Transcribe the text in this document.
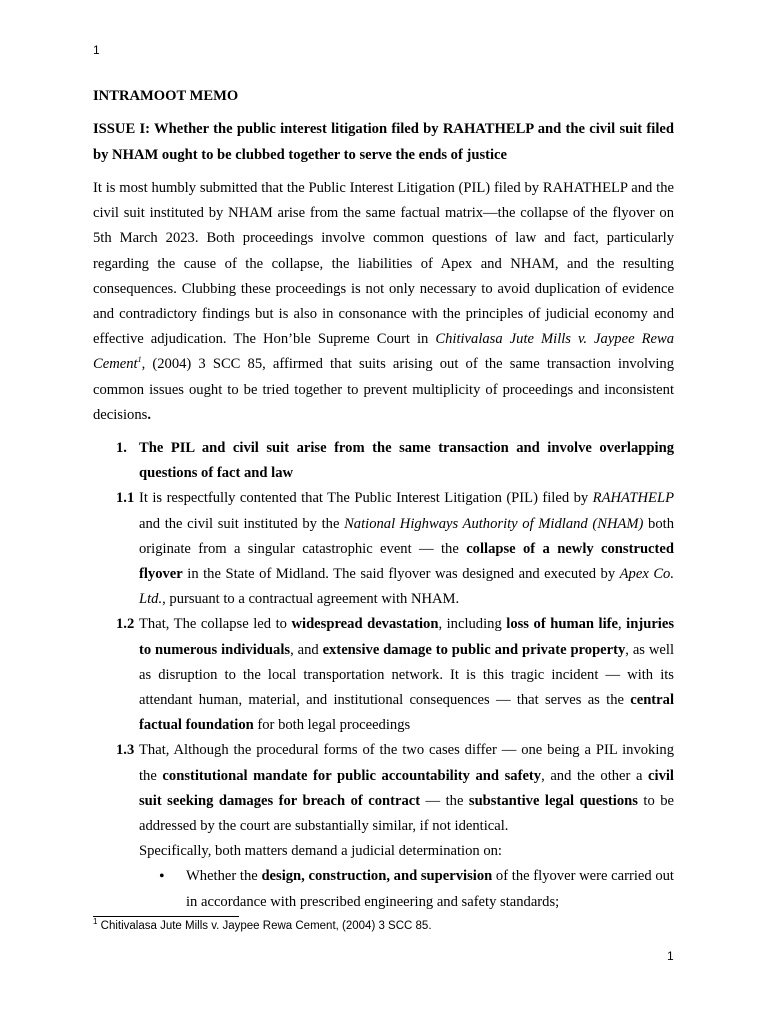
1

INTRAMOOT MEMO

ISSUE I: Whether the public interest litigation filed by RAHATHELP and the civil suit filed by NHAM ought to be clubbed together to serve the ends of justice

It is most humbly submitted that the Public Interest Litigation (PIL) filed by RAHATHELP and the civil suit instituted by NHAM arise from the same factual matrix—the collapse of the flyover on 5th March 2023. Both proceedings involve common questions of law and fact, particularly regarding the cause of the collapse, the liabilities of Apex and NHAM, and the resulting consequences. Clubbing these proceedings is not only necessary to avoid duplication of evidence and contradictory findings but is also in consonance with the principles of judicial economy and effective adjudication. The Hon’ble Supreme Court in Chitivalasa Jute Mills v. Jaypee Rewa Cement$^1$, (2004) 3 SCC 85, affirmed that suits arising out of the same transaction involving common issues ought to be tried together to prevent multiplicity of proceedings and inconsistent decisions.

1. The PIL and civil suit arise from the same transaction and involve overlapping questions of fact and law

1.1 It is respectfully contented that The Public Interest Litigation (PIL) filed by RAHATHELP and the civil suit instituted by the National Highways Authority of Midland (NHAM) both originate from a singular catastrophic event — the collapse of a newly constructed flyover in the State of Midland. The said flyover was designed and executed by Apex Co. Ltd., pursuant to a contractual agreement with NHAM.

1.2 That, The collapse led to widespread devastation, including loss of human life, injuries to numerous individuals, and extensive damage to public and private property, as well as disruption to the local transportation network. It is this tragic incident — with its attendant human, material, and institutional consequences — that serves as the central factual foundation for both legal proceedings

1.3 That, Although the procedural forms of the two cases differ — one being a PIL invoking the constitutional mandate for public accountability and safety, and the other a civil suit seeking damages for breach of contract — the substantive legal questions to be addressed by the court are substantially similar, if not identical.

Specifically, both matters demand a judicial determination on:

• Whether the design, construction, and supervision of the flyover were carried out in accordance with prescribed engineering and safety standards;

$^1$ Chitivalasa Jute Mills v. Jaypee Rewa Cement, (2004) 3 SCC 85.
1
